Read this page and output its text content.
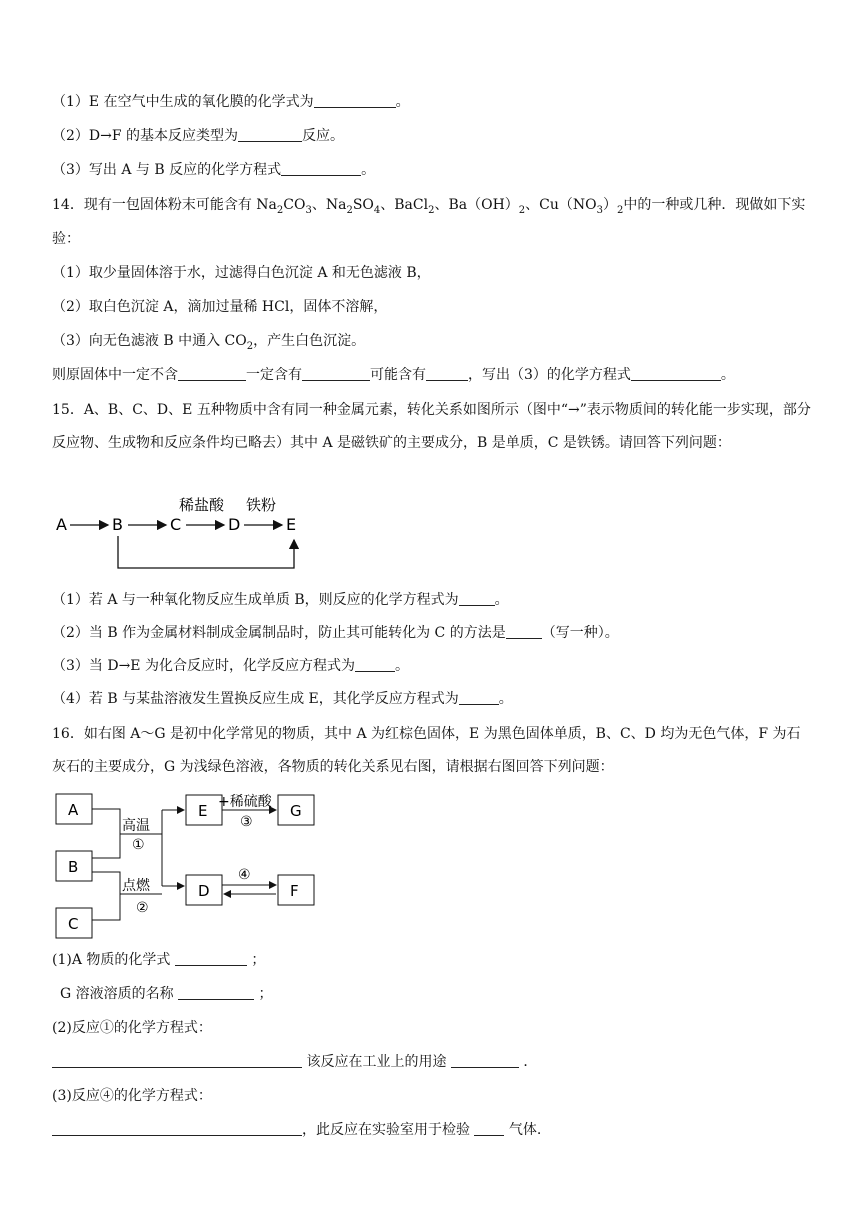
（1）E 在空气中生成的氧化膜的化学式为	。
（2）D→F 的基本反应类型为	反应。
（3）写出 A 与 B 反应的化学方程式	。
14．现有一包固体粉末可能含有 $Na_2CO_3$、$Na_2SO_4$、BaCl$_2$、$Ba(OH)_2$、$Cu(NO_3)_2$中的一种或几种．现做如下实
验：
（1）取少量固体溶于水，过滤得白色沉淀 A 和无色滤液 B，
（2）取白色沉淀 A，滴加过量稀 HCl，固体不溶解，
（3）向无色滤液 B 中通入 $CO_2$，产生白色沉淀。
则原固体中一定不含	一定含有	可能含有	，写出（3）的化学方程式	。
15．A、B、C、D、E 五种物质中含有同一种金属元素，转化关系如图所示（图中“→”表示物质间的转化能一步实现，部分反应物、生成物和反应条件均已略去）其中 A 是磁铁矿的主要成分，B 是单质，C 是铁锈。请回答下列问题：
A	B	C
稀盐酸
D
铁粉
E
（1）若 A 与一种氧化物反应生成单质 B，则反应的化学方程式为	。
（2）当 B 作为金属材料制成金属制品时，防止其可能转化为 C 的方法是	（写一种）。
（3）当 D→E 为化合反应时，化学反应方程式为	。
（4）若 B 与某盐溶液发生置换反应生成 E，其化学反应方程式为	。
16．如右图 A～G 是初中化学常见的物质，其中 A 为红棕色固体，E 为黑色固体单质，B、C、D 均为无色气体，F 为石灰石的主要成分，G 为浅绿色溶液，各物质的转化关系见右图，请根据右图回答下列问题：
A
B
C
E	G
D	F
高温
①
点燃
②
+稀硫酸
③
④
(1)A 物质的化学式	；
G 溶液溶质的名称	；
(2)反应①的化学方程式：
该反应在工业上的用途	．
(3)反应④的化学方程式：
，此反应在实验室用于检验	气体.
